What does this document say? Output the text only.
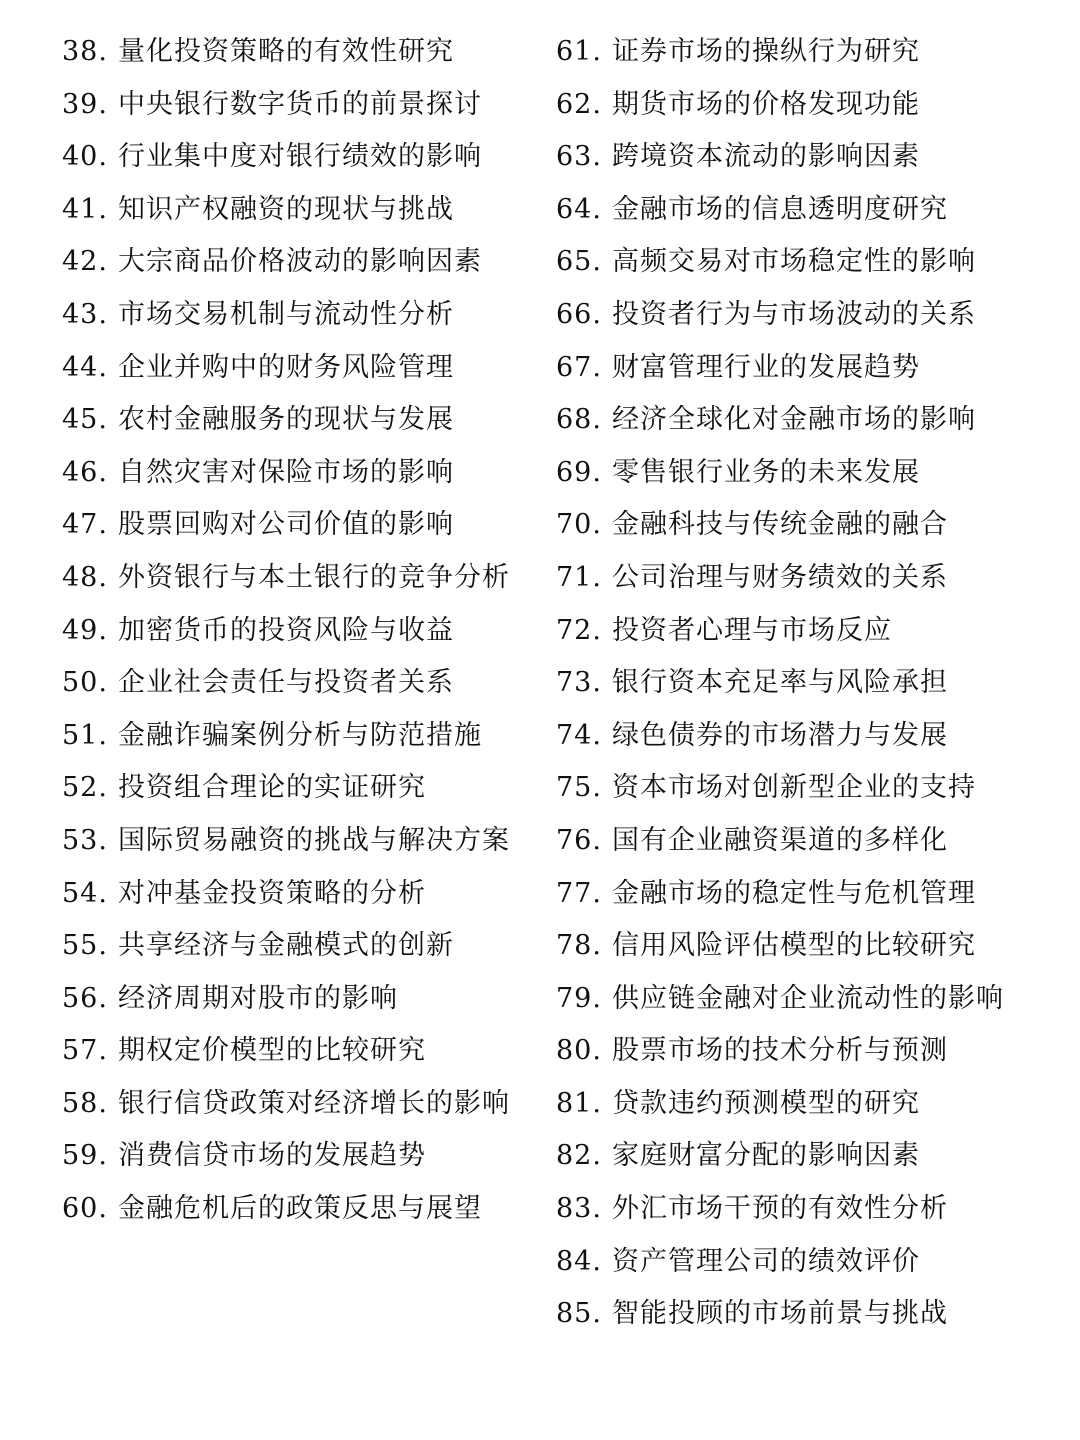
38. 量化投资策略的有效性研究
39. 中央银行数字货币的前景探讨
40. 行业集中度对银行绩效的影响
41. 知识产权融资的现状与挑战
42. 大宗商品价格波动的影响因素
43. 市场交易机制与流动性分析
44. 企业并购中的财务风险管理
45. 农村金融服务的现状与发展
46. 自然灾害对保险市场的影响
47. 股票回购对公司价值的影响
48. 外资银行与本土银行的竞争分析
49. 加密货币的投资风险与收益
50. 企业社会责任与投资者关系
51. 金融诈骗案例分析与防范措施
52. 投资组合理论的实证研究
53. 国际贸易融资的挑战与解决方案
54. 对冲基金投资策略的分析
55. 共享经济与金融模式的创新
56. 经济周期对股市的影响
57. 期权定价模型的比较研究
58. 银行信贷政策对经济增长的影响
59. 消费信贷市场的发展趋势
60. 金融危机后的政策反思与展望
61. 证券市场的操纵行为研究
62. 期货市场的价格发现功能
63. 跨境资本流动的影响因素
64. 金融市场的信息透明度研究
65. 高频交易对市场稳定性的影响
66. 投资者行为与市场波动的关系
67. 财富管理行业的发展趋势
68. 经济全球化对金融市场的影响
69. 零售银行业务的未来发展
70. 金融科技与传统金融的融合
71. 公司治理与财务绩效的关系
72. 投资者心理与市场反应
73. 银行资本充足率与风险承担
74. 绿色债券的市场潜力与发展
75. 资本市场对创新型企业的支持
76. 国有企业融资渠道的多样化
77. 金融市场的稳定性与危机管理
78. 信用风险评估模型的比较研究
79. 供应链金融对企业流动性的影响
80. 股票市场的技术分析与预测
81. 贷款违约预测模型的研究
82. 家庭财富分配的影响因素
83. 外汇市场干预的有效性分析
84. 资产管理公司的绩效评价
85. 智能投顾的市场前景与挑战
